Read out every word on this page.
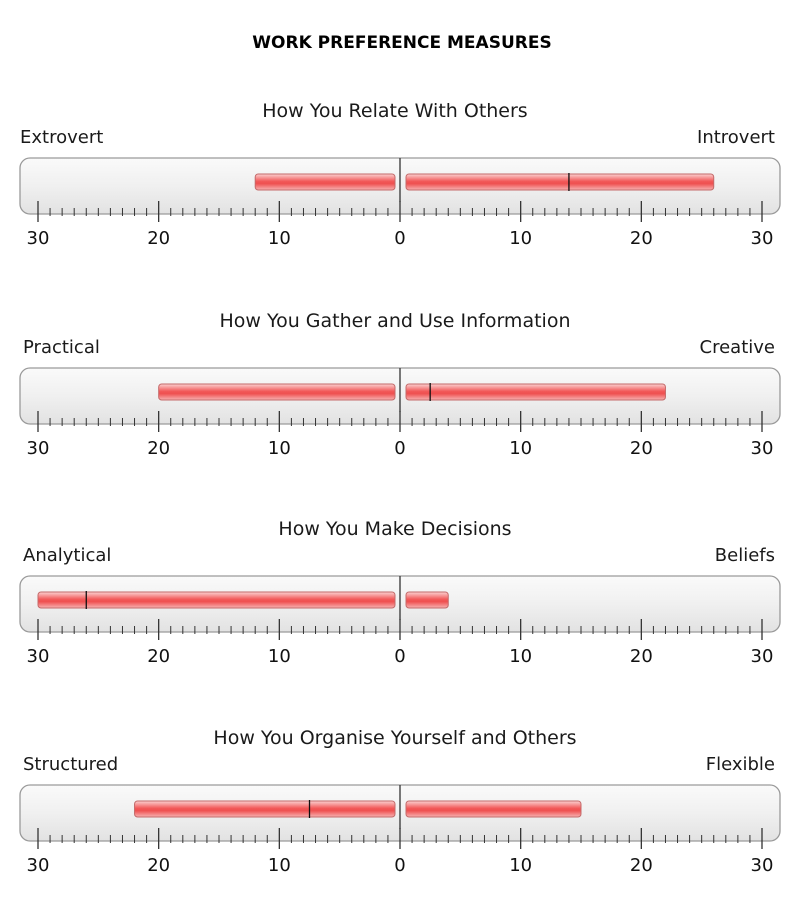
WORK PREFERENCE MEASURES
How You Relate With Others
Extrovert	Introvert
30	20	10	0	10	20	30
How You Gather and Use Information
Practical	Creative
30	20	10	0	10	20	30
How You Make Decisions
Analytical	Beliefs
30	20	10	0	10	20	30
How You Organise Yourself and Others
Structured	Flexible
30	20	10	0	10	20	30
